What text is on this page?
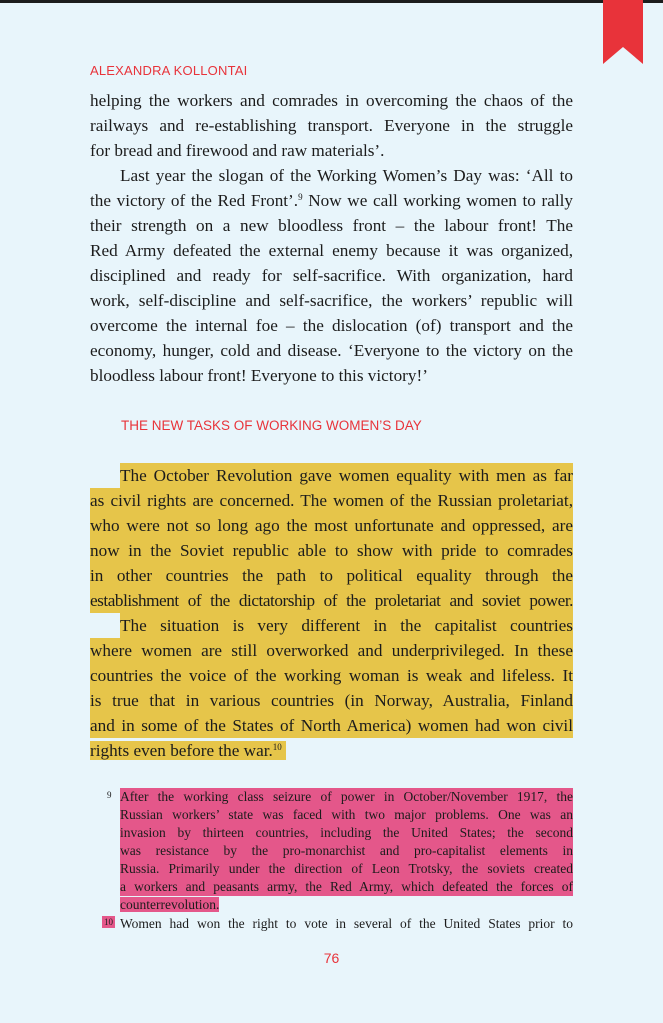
ALEXANDRA KOLLONTAI
helping the workers and comrades in overcoming the chaos of the
railways and re-establishing transport. Everyone in the struggle
for bread and firewood and raw materials’.
Last year the slogan of the Working Women’s Day was: ‘All to
the victory of the Red Front’.$^9$ Now we call working women to rally
their strength on a new bloodless front – the labour front! The
Red Army defeated the external enemy because it was organized,
disciplined and ready for self-sacrifice. With organization, hard
work, self-discipline and self-sacrifice, the workers’ republic will
overcome the internal foe – the dislocation (of) transport and the
economy, hunger, cold and disease. ‘Everyone to the victory on the
bloodless labour front! Everyone to this victory!’
THE NEW TASKS OF WORKING WOMEN’S DAY
The October Revolution gave women equality with men as far
as civil rights are concerned. The women of the Russian proletariat,
who were not so long ago the most unfortunate and oppressed, are
now in the Soviet republic able to show with pride to comrades
in other countries the path to political equality through the
establishment of the dictatorship of the proletariat and soviet power.
The situation is very different in the capitalist countries
where women are still overworked and underprivileged. In these
countries the voice of the working woman is weak and lifeless. It
is true that in various countries (in Norway, Australia, Finland
and in some of the States of North America) women had won civil
rights even before the war.$^{10}$
9 After the working class seizure of power in October/November 1917, the
Russian workers’ state was faced with two major problems. One was an
invasion by thirteen countries, including the United States; the second
was resistance by the pro-monarchist and pro-capitalist elements in
Russia. Primarily under the direction of Leon Trotsky, the soviets created
a workers and peasants army, the Red Army, which defeated the forces of
counterrevolution.
10 Women had won the right to vote in several of the United States prior to
76
